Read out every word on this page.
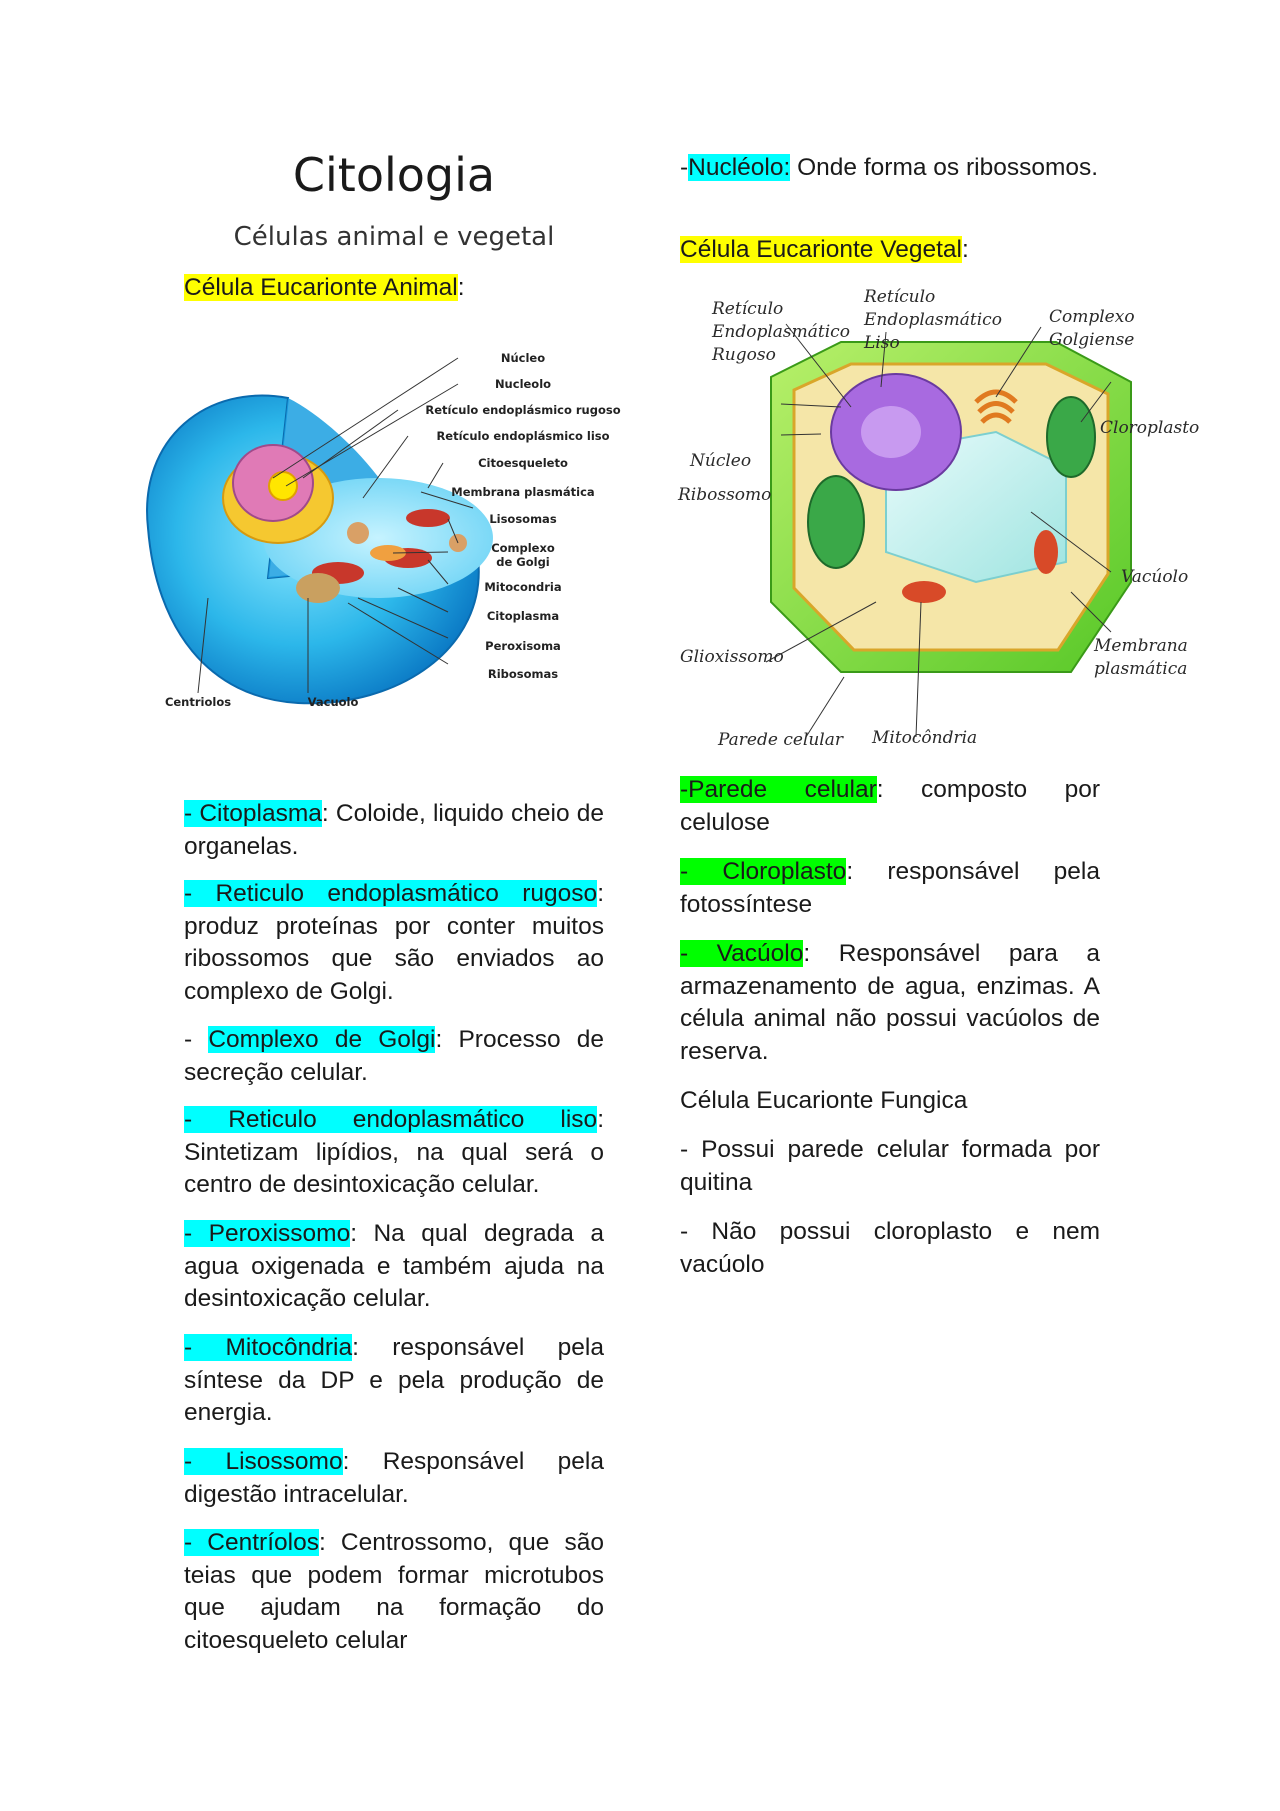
Citologia
Células animal e vegetal

Célula Eucarionte Animal:

Núcleo
Nucleolo
Retículo endoplásmico rugoso
Retículo endoplásmico liso
Citoesqueleto
Membrana plasmática
Lisosomas
Complexo
de Golgi
Mitocondria
Citoplasma
Peroxisoma
Ribosomas
Centriolos	Vacuolo

- Citoplasma: Coloide, liquido cheio de organelas.

- Reticulo endoplasmático rugoso: produz proteínas por conter muitos ribossomos que são enviados ao complexo de Golgi.

- Complexo de Golgi: Processo de secreção celular.

- Reticulo endoplasmático liso: Sintetizam lipídios, na qual será o centro de desintoxicação celular.

- Peroxissomo: Na qual degrada a agua oxigenada e também ajuda na desintoxicação celular.

- Mitocôndria: responsável pela síntese da DP e pela produção de energia.

- Lisossomo: Responsável pela digestão intracelular.

- Centríolos: Centrossomo, que são teias que podem formar microtubos que ajudam na formação do citoesqueleto celular

-Nucléolo: Onde forma os ribossomos.

Célula Eucarionte Vegetal:

Retículo
Endoplasmático
Rugoso
Retículo
Endoplasmático
Liso
Complexo
Golgiense
Cloroplasto
Núcleo
Ribossomo
Vacúolo
Membrana
plasmática
Glioxissomo
Parede celular Mitocôndria

-Parede celular: composto por celulose

- Cloroplasto: responsável pela fotossíntese

- Vacúolo: Responsável para a armazenamento de agua, enzimas. A célula animal não possui vacúolos de reserva.

Célula Eucarionte Fungica

- Possui parede celular formada por quitina

- Não possui cloroplasto e nem vacúolo
